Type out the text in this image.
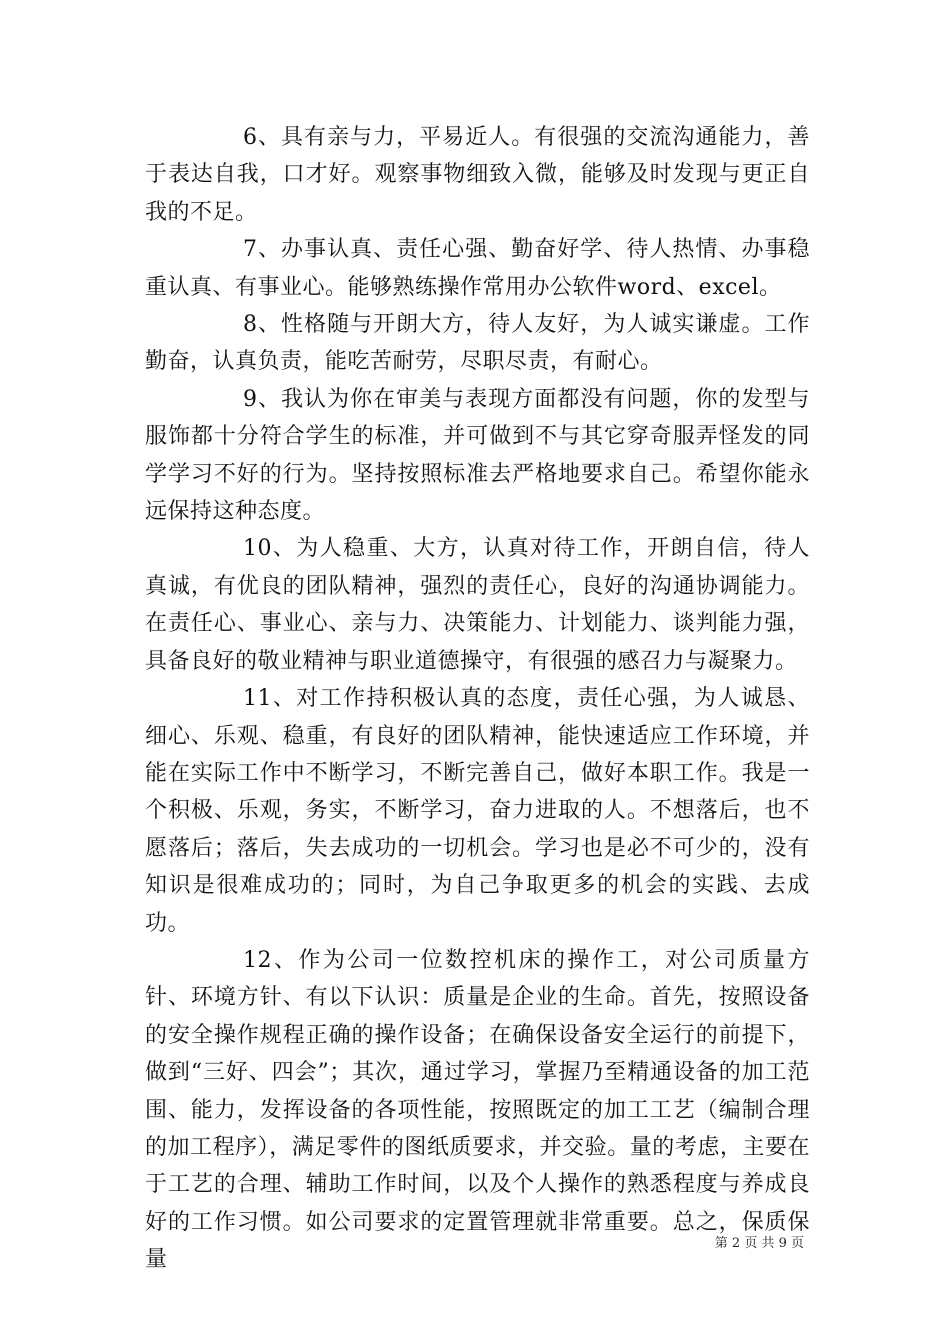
6、具有亲与力，平易近人。有很强的交流沟通能力，善于表达自我，口才好。观察事物细致入微，能够及时发现与更正自我的不足。

7、办事认真、责任心强、勤奋好学、待人热情、办事稳重认真、有事业心。能够熟练操作常用办公软件word、excel。

8、性格随与开朗大方，待人友好，为人诚实谦虚。工作勤奋，认真负责，能吃苦耐劳，尽职尽责，有耐心。

9、我认为你在审美与表现方面都没有问题，你的发型与服饰都十分符合学生的标准，并可做到不与其它穿奇服弄怪发的同学学习不好的行为。坚持按照标准去严格地要求自己。希望你能永远保持这种态度。

10、为人稳重、大方，认真对待工作，开朗自信，待人真诚，有优良的团队精神，强烈的责任心，良好的沟通协调能力。在责任心、事业心、亲与力、决策能力、计划能力、谈判能力强，具备良好的敬业精神与职业道德操守，有很强的感召力与凝聚力。

11、对工作持积极认真的态度，责任心强，为人诚恳、细心、乐观、稳重，有良好的团队精神，能快速适应工作环境，并能在实际工作中不断学习，不断完善自己，做好本职工作。我是一个积极、乐观，务实，不断学习，奋力进取的人。不想落后，也不愿落后；落后，失去成功的一切机会。学习也是必不可少的，没有知识是很难成功的；同时，为自己争取更多的机会的实践、去成功。

12、作为公司一位数控机床的操作工，对公司质量方针、环境方针、有以下认识：质量是企业的生命。首先，按照设备的安全操作规程正确的操作设备；在确保设备安全运行的前提下，做到“三好、四会”；其次，通过学习，掌握乃至精通设备的加工范围、能力，发挥设备的各项性能，按照既定的加工工艺（编制合理的加工程序），满足零件的图纸质要求，并交验。量的考虑，主要在于工艺的合理、辅助工作时间，以及个人操作的熟悉程度与养成良好的工作习惯。如公司要求的定置管理就非常重要。总之，保质保量

第 2 页 共 9 页
